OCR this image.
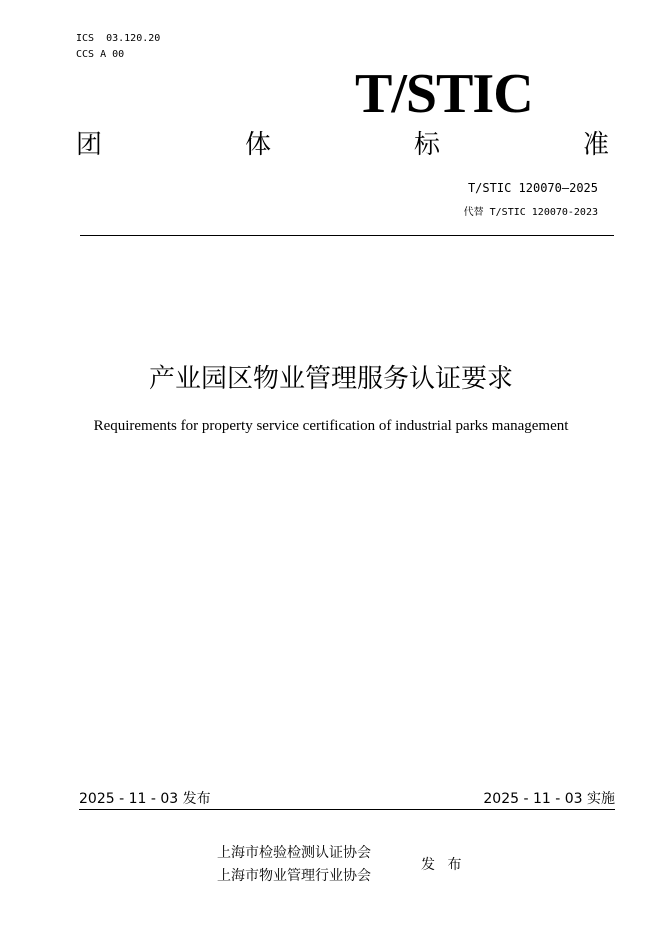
ICS  03.120.20
CCS A 00
T/STIC
团	体	标	准
T/STIC 120070—2025
代替 T/STIC 120070-2023
产业园区物业管理服务认证要求
Requirements for property service certification of industrial parks management
2025 - 11 - 03 发布	2025 - 11 - 03 实施
上海市检验检测认证协会
上海市物业管理行业协会
发 布
